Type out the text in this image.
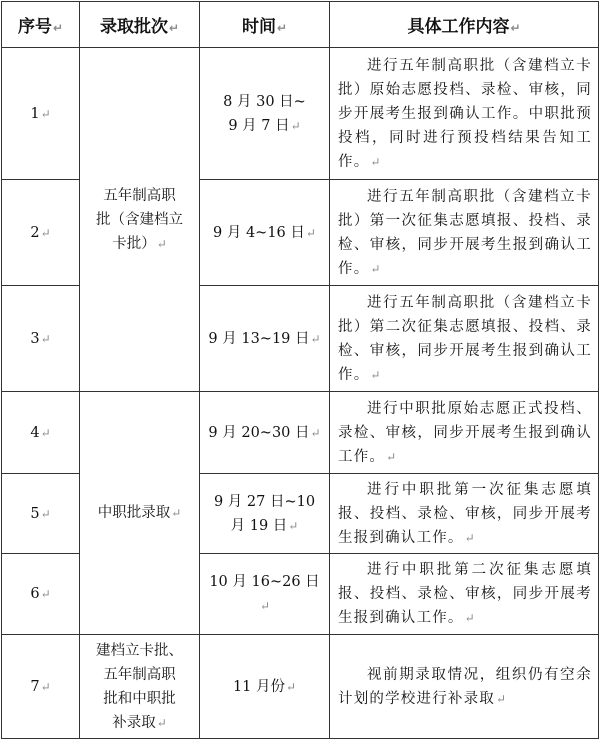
序号↵	录取批次↵	时间↵	具体工作内容↵
1↵	五年制高职
批（含建档立
卡批）↵	8 月 30 日~
9 月 7 日↵	进行五年制高职批（含建档立卡批）原始志愿投档、录检、审核，同步开展考生报到确认工作。中职批预投档，同时进行预投档结果告知工作。↵
2↵		9 月 4~16 日↵	进行五年制高职批（含建档立卡批）第一次征集志愿填报、投档、录检、审核，同步开展考生报到确认工作。↵
3↵		9 月 13~19 日↵	进行五年制高职批（含建档立卡批）第二次征集志愿填报、投档、录检、审核，同步开展考生报到确认工作。↵
4↵	中职批录取↵	9 月 20~30 日↵	进行中职批原始志愿正式投档、录检、审核，同步开展考生报到确认工作。↵
5↵		9 月 27 日~10
月 19 日↵	进行中职批第一次征集志愿填报、投档、录检、审核，同步开展考生报到确认工作。↵
6↵		10 月 16~26 日↵	进行中职批第二次征集志愿填报、投档、录检、审核，同步开展考生报到确认工作。↵
7↵	建档立卡批、
五年制高职
批和中职批
补录取↵	11 月份↵	视前期录取情况，组织仍有空余计划的学校进行补录取↵
